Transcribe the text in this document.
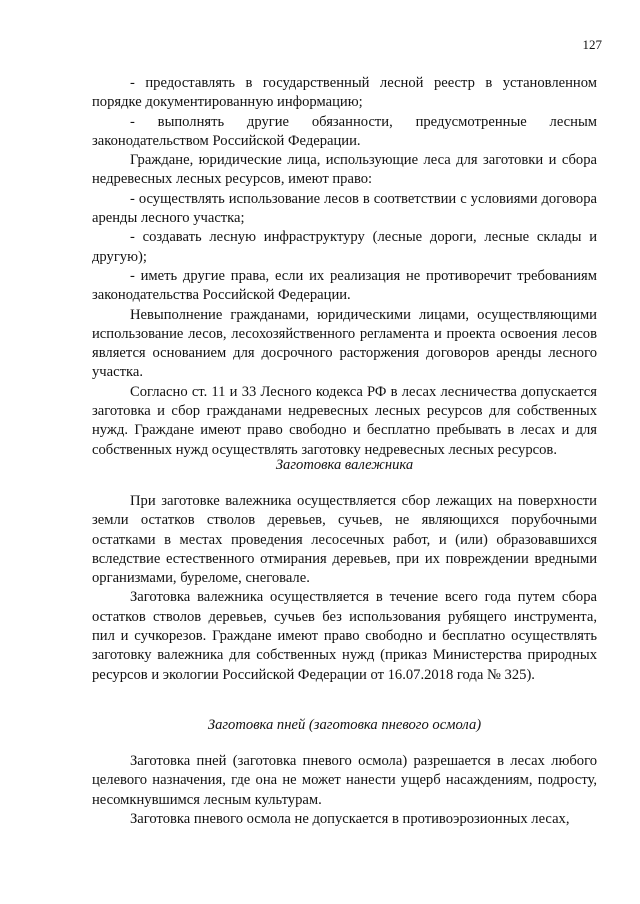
127

- предоставлять в государственный лесной реестр в установленном порядке документированную информацию;

- выполнять другие обязанности, предусмотренные лесным законодательством Российской Федерации.

Граждане, юридические лица, использующие леса для заготовки и сбора недревесных лесных ресурсов, имеют право:

- осуществлять использование лесов в соответствии с условиями договора аренды лесного участка;

- создавать лесную инфраструктуру (лесные дороги, лесные склады и другую);

- иметь другие права, если их реализация не противоречит требованиям законодательства Российской Федерации.

Невыполнение гражданами, юридическими лицами, осуществляющими использование лесов, лесохозяйственного регламента и проекта освоения лесов является основанием для досрочного расторжения договоров аренды лесного участка.

Согласно ст. 11 и 33 Лесного кодекса РФ в лесах лесничества допускается заготовка и сбор гражданами недревесных лесных ресурсов для собственных нужд. Граждане имеют право свободно и бесплатно пребывать в лесах и для собственных нужд осуществлять заготовку недревесных лесных ресурсов.

Заготовка валежника

При заготовке валежника осуществляется сбор лежащих на поверхности земли остатков стволов деревьев, сучьев, не являющихся порубочными остатками в местах проведения лесосечных работ, и (или) образовавшихся вследствие естественного отмирания деревьев, при их повреждении вредными организмами, буреломе, снеговале.

Заготовка валежника осуществляется в течение всего года путем сбора остатков стволов деревьев, сучьев без использования рубящего инструмента, пил и сучкорезов. Граждане имеют право свободно и бесплатно осуществлять заготовку валежника для собственных нужд (приказ Министерства природных ресурсов и экологии Российской Федерации от 16.07.2018 года № 325).

Заготовка пней (заготовка пневого осмола)

Заготовка пней (заготовка пневого осмола) разрешается в лесах любого целевого назначения, где она не может нанести ущерб насаждениям, подросту, несомкнувшимся лесным культурам.

Заготовка пневого осмола не допускается в противоэрозионных лесах,
